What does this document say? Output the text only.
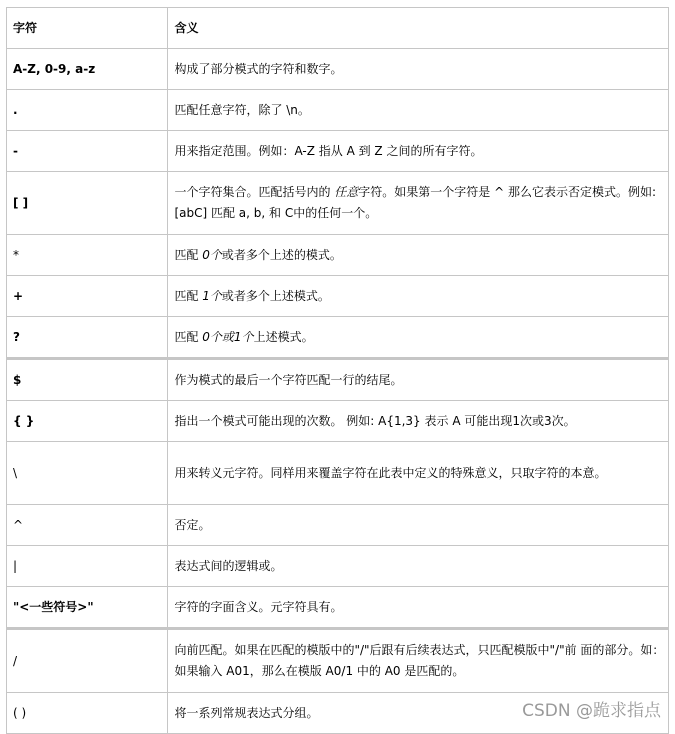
字符	含义
A-Z, 0-9, a-z	构成了部分模式的字符和数字。
.	匹配任意字符，除了 \n。
-	用来指定范围。例如：A-Z 指从 A 到 Z 之间的所有字符。
[ ]	一个字符集合。匹配括号内的 任意字符。如果第一个字符是 ^ 那么它表示否定模式。例如: [abC] 匹配 a, b, 和 C中的任何一个。
*	匹配 0个或者多个上述的模式。
+	匹配 1个或者多个上述模式。
?	匹配 0个或1个上述模式。
$	作为模式的最后一个字符匹配一行的结尾。
{ }	指出一个模式可能出现的次数。 例如: A{1,3} 表示 A 可能出现1次或3次。
\	用来转义元字符。同样用来覆盖字符在此表中定义的特殊意义，只取字符的本意。
^	否定。
|	表达式间的逻辑或。
"<一些符号>"	字符的字面含义。元字符具有。
/	向前匹配。如果在匹配的模版中的"/"后跟有后续表达式，只匹配模版中"/"前 面的部分。如：如果输入 A01，那么在模版 A0/1 中的 A0 是匹配的。
( )	将一系列常规表达式分组。	CSDN @跪求指点
